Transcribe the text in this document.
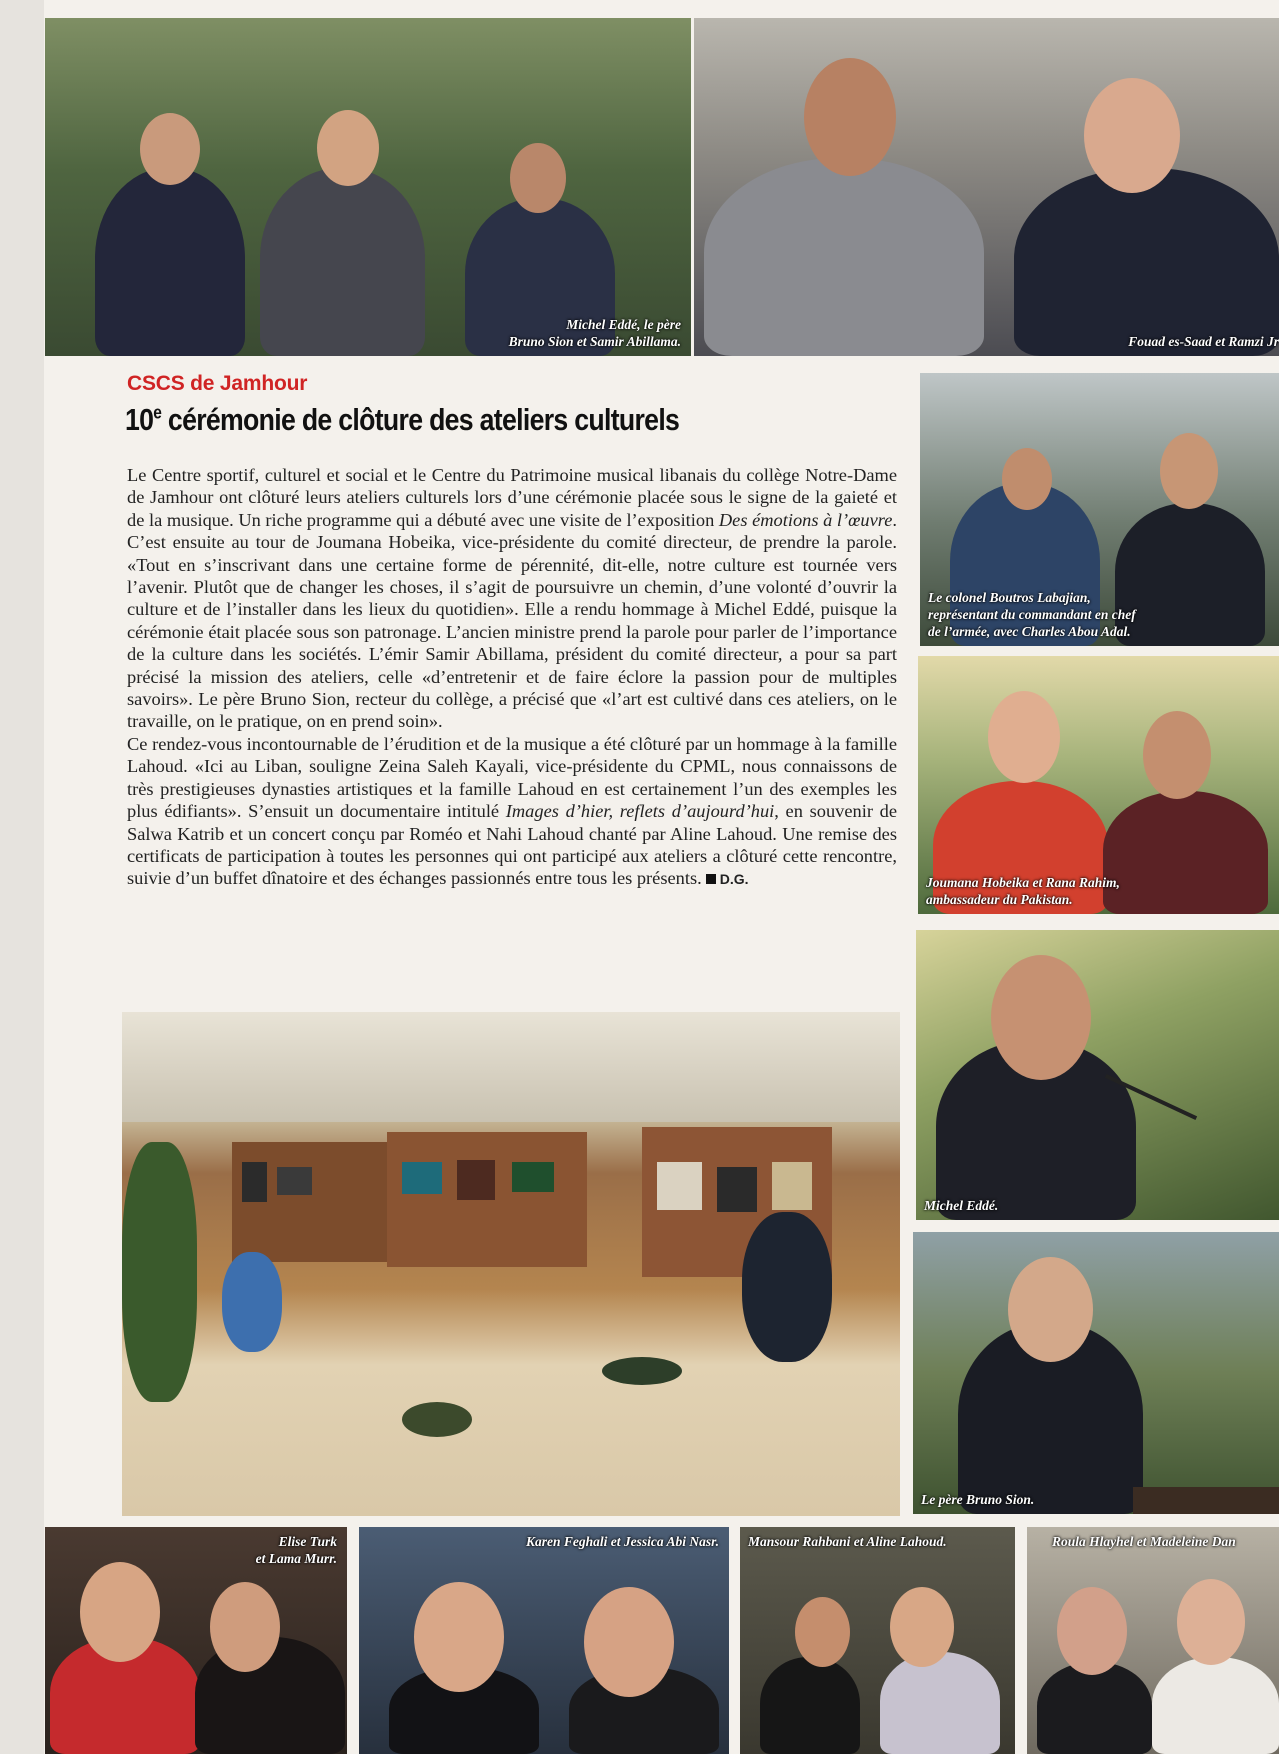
Michel Eddé, le père
Bruno Sion et Samir Abillama.	Fouad es-Saad et Ramzi Jr
Le colonel Boutros Labajian,
représentant du commandant en chef
de l’armée, avec Charles Abou Adal.
Joumana Hobeika et Rana Rahim,
ambassadeur du Pakistan.
Michel Eddé.
Le père Bruno Sion.
Elise Turk
et Lama Murr.
Karen Feghali et Jessica Abi Nasr. Mansour Rahbani et Aline Lahoud.	Roula Hlayhel et Madeleine Dan
CSCS de Jamhour
10e cérémonie de clôture des ateliers culturels

Le Centre sportif, culturel et social et le Centre du Patrimoine musical libanais du collège Notre-Dame de Jamhour ont clôturé leurs ateliers culturels lors d’une cérémonie placée sous le signe de la gaieté et de la musique. Un riche programme qui a débuté avec une visite de l’exposition Des émotions à l’œuvre. C’est ensuite au tour de Joumana Hobeika, vice-présidente du comité directeur, de prendre la parole. «Tout en s’inscrivant dans une certaine forme de pérennité, dit-elle, notre culture est tournée vers l’avenir. Plutôt que de changer les choses, il s’agit de poursuivre un chemin, d’une volonté d’ouvrir la culture et de l’installer dans les lieux du quotidien». Elle a rendu hommage à Michel Eddé, puisque la cérémonie était placée sous son patronage. L’ancien ministre prend la parole pour parler de l’importance de la culture dans les sociétés. L’émir Samir Abillama, président du comité directeur, a pour sa part précisé la mission des ateliers, celle «d’entretenir et de faire éclore la passion pour de multiples savoirs». Le père Bruno Sion, recteur du collège, a précisé que «l’art est cultivé dans ces ateliers, on le travaille, on le pratique, on en prend soin».

Ce rendez-vous incontournable de l’érudition et de la musique a été clôturé par un hommage à la famille Lahoud. «Ici au Liban, souligne Zeina Saleh Kayali, vice-présidente du CPML, nous connaissons de très prestigieuses dynasties artistiques et la famille Lahoud en est certainement l’un des exemples les plus édifiants». S’ensuit un documentaire intitulé Images d’hier, reflets d’aujourd’hui, en souvenir de Salwa Katrib et un concert conçu par Roméo et Nahi Lahoud chanté par Aline Lahoud. Une remise des certificats de participation à toutes les personnes qui ont participé aux ateliers a clôturé cette rencontre, suivie d’un buffet dînatoire et des échanges passionnés entre tous les présents. D.G.
